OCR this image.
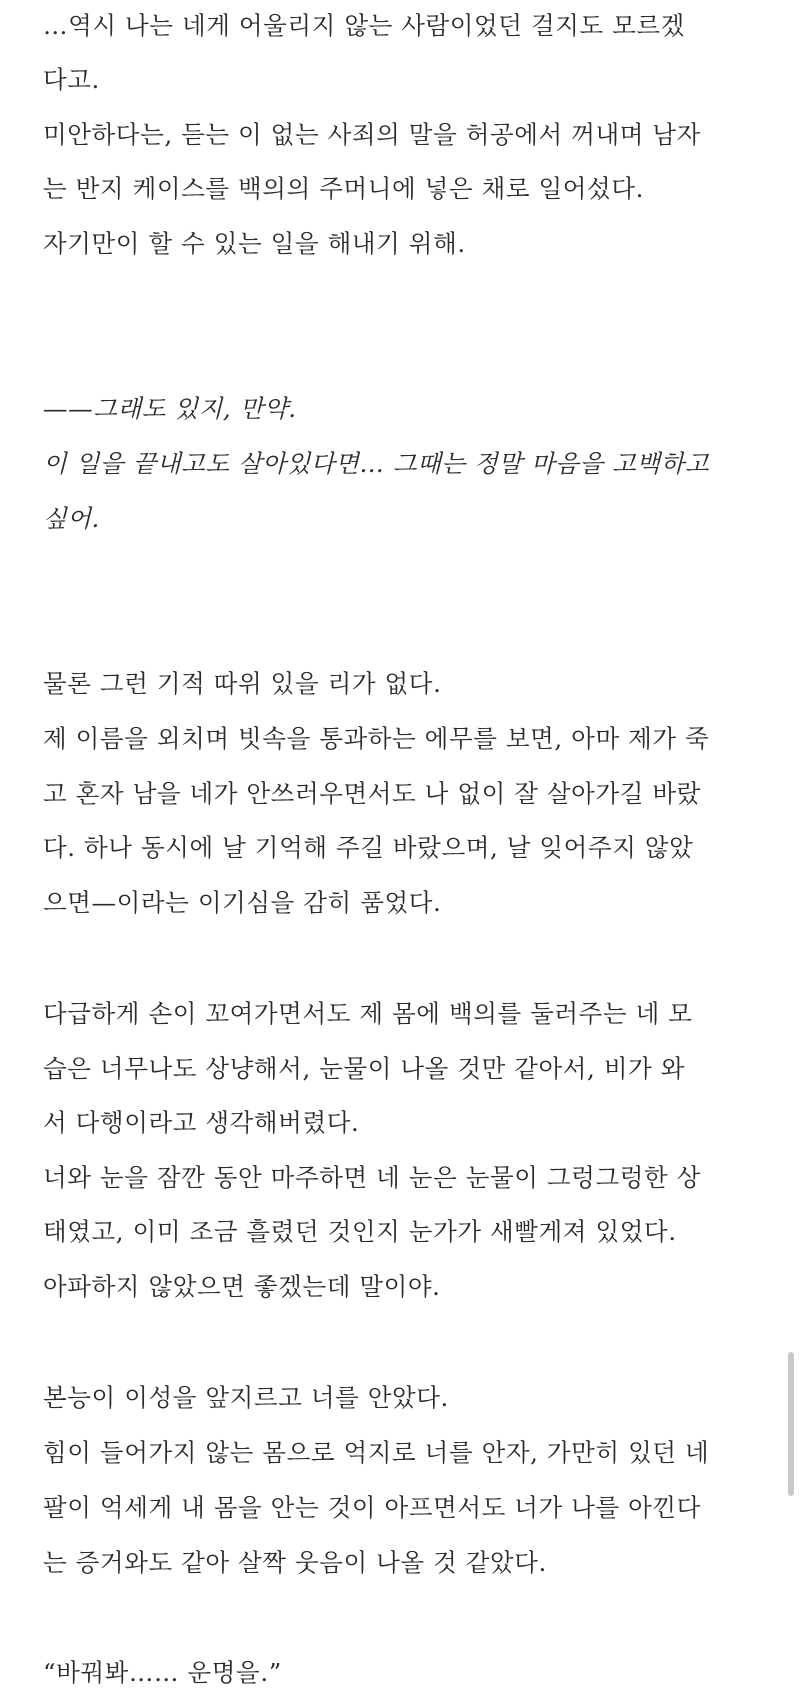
…역시 나는 네게 어울리지 않는 사람이었던 걸지도 모르겠
다고.
미안하다는, 듣는 이 없는 사죄의 말을 허공에서 꺼내며 남자
는 반지 케이스를 백의의 주머니에 넣은 채로 일어섰다.
자기만이 할 수 있는 일을 해내기 위해.
——그래도 있지, 만약.
이 일을 끝내고도 살아있다면… 그때는 정말 마음을 고백하고
싶어.
물론 그런 기적 따위 있을 리가 없다.
제 이름을 외치며 빗속을 통과하는 에무를 보면, 아마 제가 죽
고 혼자 남을 네가 안쓰러우면서도 나 없이 잘 살아가길 바랐
다. 하나 동시에 날 기억해 주길 바랐으며, 날 잊어주지 않았
으면—이라는 이기심을 감히 품었다.
다급하게 손이 꼬여가면서도 제 몸에 백의를 둘러주는 네 모
습은 너무나도 상냥해서, 눈물이 나올 것만 같아서, 비가 와
서 다행이라고 생각해버렸다.
너와 눈을 잠깐 동안 마주하면 네 눈은 눈물이 그렁그렁한 상
태였고, 이미 조금 흘렸던 것인지 눈가가 새빨게져 있었다.
아파하지 않았으면 좋겠는데 말이야.
본능이 이성을 앞지르고 너를 안았다.
힘이 들어가지 않는 몸으로 억지로 너를 안자, 가만히 있던 네
팔이 억세게 내 몸을 안는 것이 아프면서도 너가 나를 아낀다
는 증거와도 같아 살짝 웃음이 나올 것 같았다.
“바꿔봐…… 운명을.”
